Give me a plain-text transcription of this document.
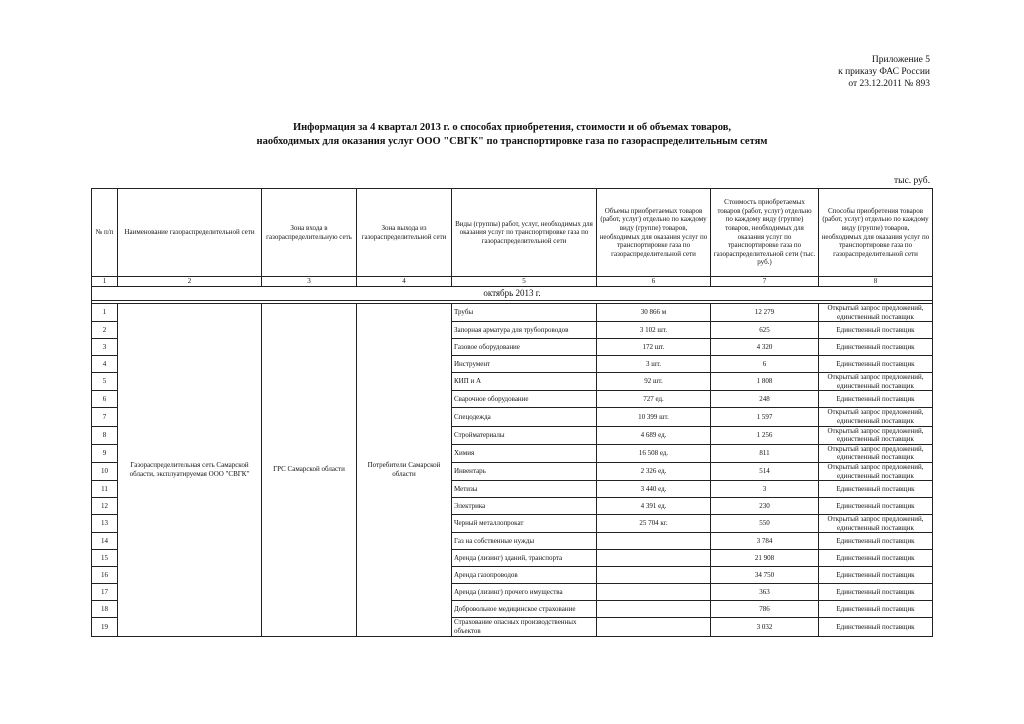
Приложение 5
к приказу ФАС России
от 23.12.2011 № 893
Информация за 4 квартал 2013 г. о способах приобретения, стоимости и об объемах товаров,
наобходимых для оказания услуг ООО "СВГК" по транспортировке газа по газораспределительным сетям
тыс. руб.
№ п/п	Наименование газораспределительной сети	Зона входа в газораспределительную сеть	Зона выхода из газораспределительной сети	Виды (группы) работ, услуг, необходимых для оказания услуг по транспортировке газа по газораспределительной сети	Объемы приобретаемых товаров (работ, услуг) отдельно по каждому виду (группе) товаров, необходимых для оказания услуг по транспортировке газа по газораспределительной сети	Стоимость приобретаемых товаров (работ, услуг) отдельно по каждому виду (группе) товаров, необходимых для оказания услуг по транспортировке газа по газораспределительной сети (тыс. руб.)	Способы приобретения товаров (работ, услуг) отдельно по каждому виду (группе) товаров, необходимых для оказания услуг по транспортировке газа по газораспределительной сети
1	2	3	4	5	6	7	8
октябрь 2013 г.							

1	Газораспределительная сеть Самарской области, эксплуатируемая ООО "СВГК"	ГРС Самарской области	Потребители Самарской области	Трубы	30 866 м	12 279	Открытый запрос предложений, единственный поставщик
2				Запорная арматура для трубопроводов	3 102 шт.	625	Единственный поставщик
3				Газовое оборудование	172 шт.	4 320	Единственный поставщик
4				Инструмент	3 шт.	6	Единственный поставщик
5				КИП и А	92 шт.	1 808	Открытый запрос предложений, единственный поставщик
6				Сварочное оборудование	727 ед.	248	Единственный поставщик
7				Спецодежда	10 399 шт.	1 597	Открытый запрос предложений, единственный поставщик
8				Стройматериалы	4 689 ед.	1 256	Открытый запрос предложений, единственный поставщик
9				Химия	16 508 ед.	811	Открытый запрос предложений, единственный поставщик
10				Инвентарь	2 326 ед.	514	Открытый запрос предложений, единственный поставщик
11				Метизы	3 440 ед.	3	Единственный поставщик
12				Электрика	4 391 ед.	230	Единственный поставщик
13				Черный металлопрокат	25 704 кг.	550	Открытый запрос предложений, единственный поставщик
14				Газ на собственные нужды		3 784	Единственный поставщик
15				Аренда (лизинг) зданий, транспорта		21 908	Единственный поставщик
16				Аренда газопроводов		34 750	Единственный поставщик
17				Аренда (лизинг) прочего имущества		363	Единственный поставщик
18				Добровольное медицинское страхование		786	Единственный поставщик
19				Страхование опасных производственных объектов		3 032	Единственный поставщик
